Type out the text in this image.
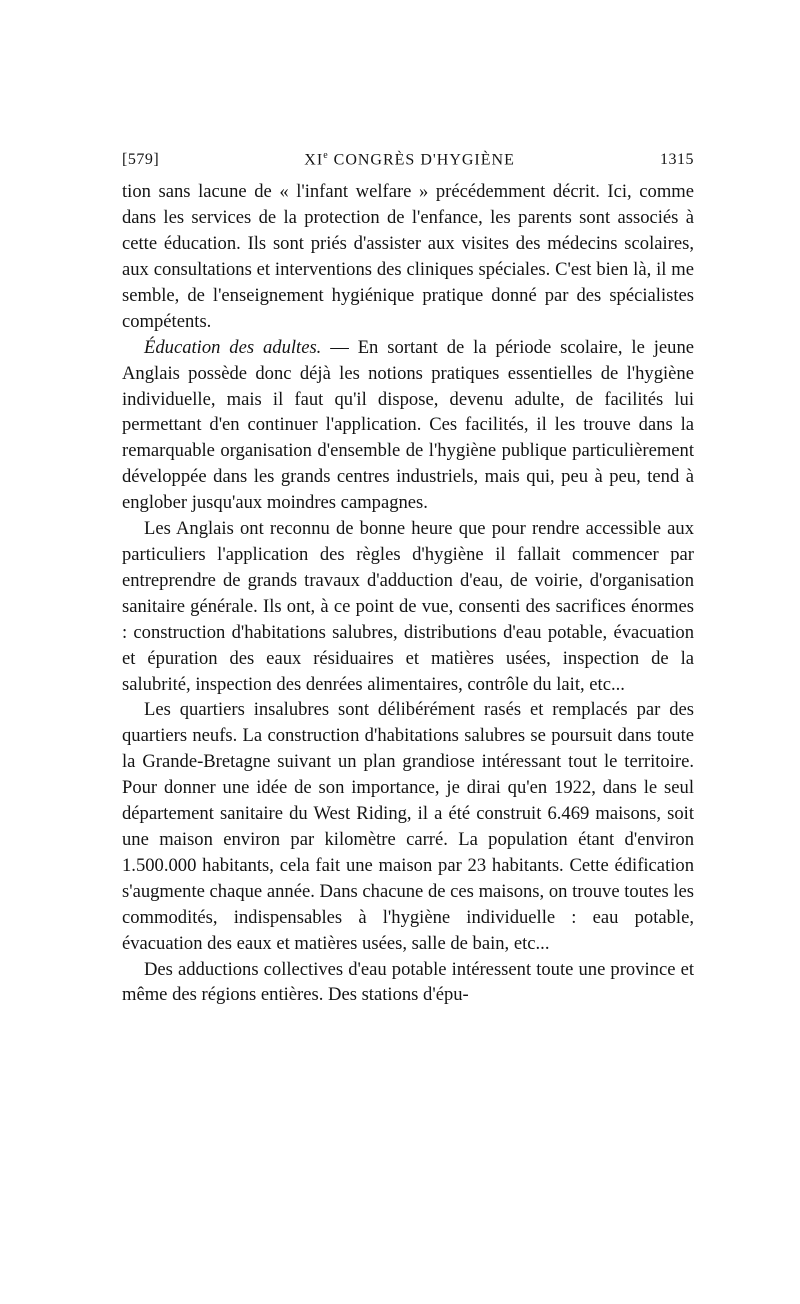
[579]	XIe CONGRÈS D'HYGIÈNE	1315

tion sans lacune de « l'infant welfare » précédemment décrit. Ici, comme dans les services de la protection de l'enfance, les parents sont associés à cette éducation. Ils sont priés d'assister aux visites des médecins scolaires, aux consultations et interventions des cliniques spéciales. C'est bien là, il me semble, de l'enseignement hygiénique pratique donné par des spécialistes compétents.

Éducation des adultes. — En sortant de la période scolaire, le jeune Anglais possède donc déjà les notions pratiques essentielles de l'hygiène individuelle, mais il faut qu'il dispose, devenu adulte, de facilités lui permettant d'en continuer l'application. Ces facilités, il les trouve dans la remarquable organisation d'ensemble de l'hygiène publique particulièrement développée dans les grands centres industriels, mais qui, peu à peu, tend à englober jusqu'aux moindres campagnes.

Les Anglais ont reconnu de bonne heure que pour rendre accessible aux particuliers l'application des règles d'hygiène il fallait commencer par entreprendre de grands travaux d'adduction d'eau, de voirie, d'organisation sanitaire générale. Ils ont, à ce point de vue, consenti des sacrifices énormes : construction d'habitations salubres, distributions d'eau potable, évacuation et épuration des eaux résiduaires et matières usées, inspection de la salubrité, inspection des denrées alimentaires, contrôle du lait, etc...

Les quartiers insalubres sont délibérément rasés et remplacés par des quartiers neufs. La construction d'habitations salubres se poursuit dans toute la Grande-Bretagne suivant un plan grandiose intéressant tout le territoire. Pour donner une idée de son importance, je dirai qu'en 1922, dans le seul département sanitaire du West Riding, il a été construit 6.469 maisons, soit une maison environ par kilomètre carré. La population étant d'environ 1.500.000 habitants, cela fait une maison par 23 habitants. Cette édification s'augmente chaque année. Dans chacune de ces maisons, on trouve toutes les commodités, indispensables à l'hygiène individuelle : eau potable, évacuation des eaux et matières usées, salle de bain, etc...

Des adductions collectives d'eau potable intéressent toute une province et même des régions entières. Des stations d'épu-
